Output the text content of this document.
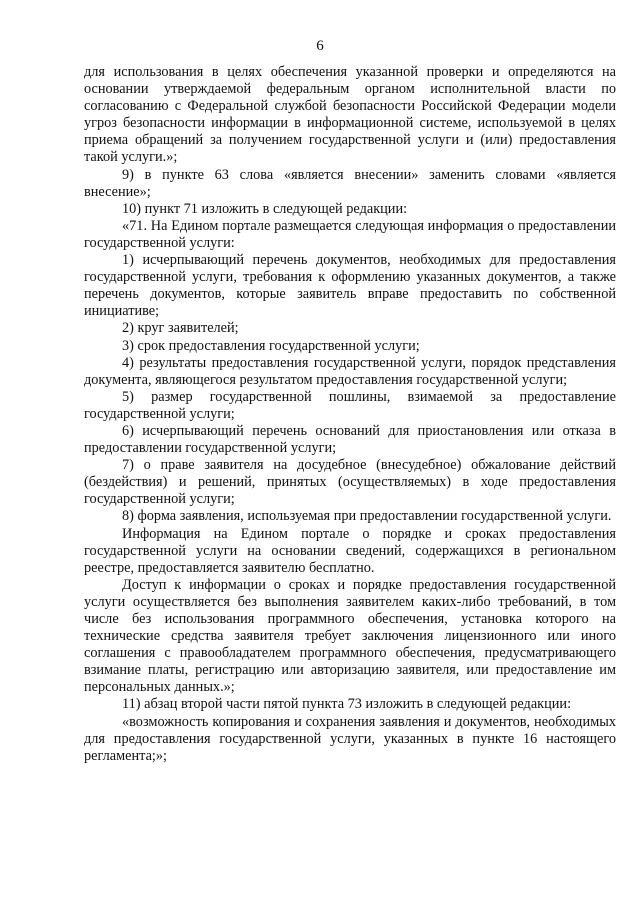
6

для использования в целях обеспечения указанной проверки и определяются на основании утверждаемой федеральным органом исполнительной власти по согласованию с Федеральной службой безопасности Российской Федерации модели угроз безопасности информации в информационной системе, используемой в целях приема обращений за получением государственной услуги и (или) предоставления такой услуги.»;

9) в пункте 63 слова «является внесении» заменить словами «является внесение»;

10) пункт 71 изложить в следующей редакции:

«71. На Едином портале размещается следующая информация о предоставлении государственной услуги:

1) исчерпывающий перечень документов, необходимых для предоставления государственной услуги, требования к оформлению указанных документов, а также перечень документов, которые заявитель вправе предоставить по собственной инициативе;

2) круг заявителей;

3) срок предоставления государственной услуги;

4) результаты предоставления государственной услуги, порядок представления документа, являющегося результатом предоставления государственной услуги;

5) размер государственной пошлины, взимаемой за предоставление государственной услуги;

6) исчерпывающий перечень оснований для приостановления или отказа в предоставлении государственной услуги;

7) о праве заявителя на досудебное (внесудебное) обжалование действий (бездействия) и решений, принятых (осуществляемых) в ходе предоставления государственной услуги;

8) форма заявления, используемая при предоставлении государственной услуги.

Информация на Едином портале о порядке и сроках предоставления государственной услуги на основании сведений, содержащихся в региональном реестре, предоставляется заявителю бесплатно.

Доступ к информации о сроках и порядке предоставления государственной услуги осуществляется без выполнения заявителем каких-либо требований, в том числе без использования программного обеспечения, установка которого на технические средства заявителя требует заключения лицензионного или иного соглашения с правообладателем программного обеспечения, предусматривающего взимание платы, регистрацию или авторизацию заявителя, или предоставление им персональных данных.»;

11) абзац второй части пятой пункта 73 изложить в следующей редакции:

«возможность копирования и сохранения заявления и документов, необходимых для предоставления государственной услуги, указанных в пункте 16 настоящего регламента;»;
